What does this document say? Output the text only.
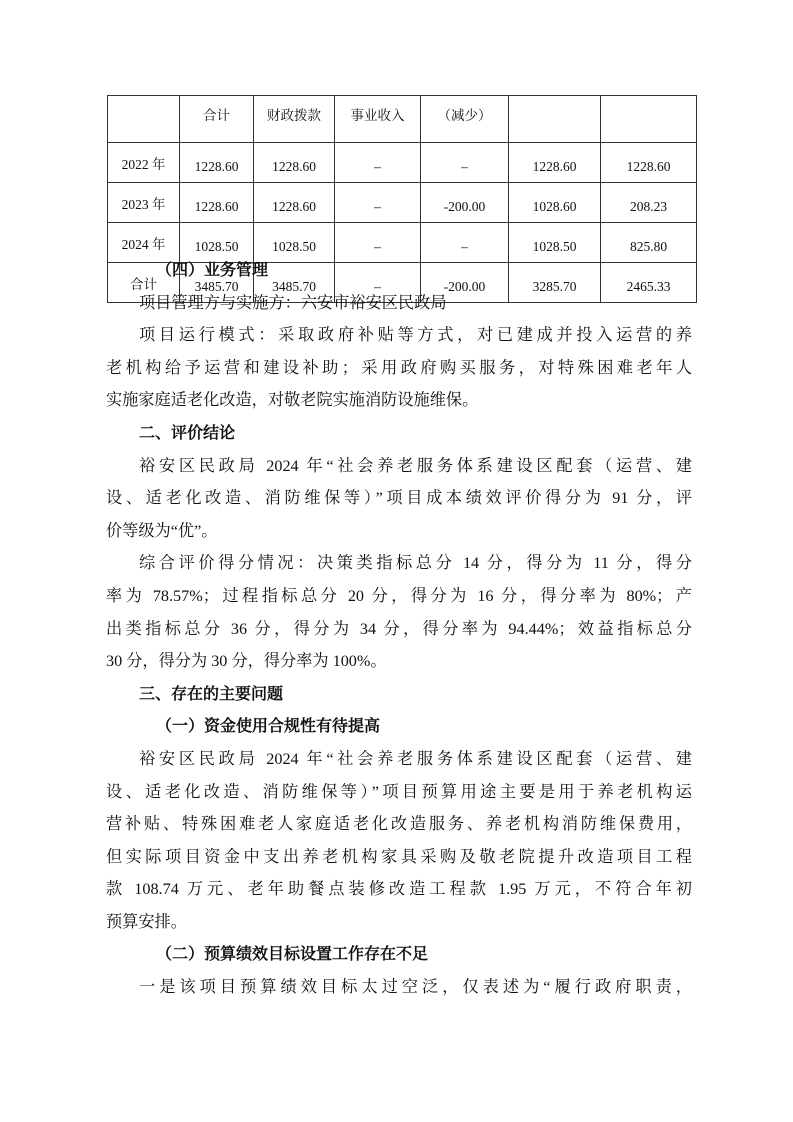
	合计	财政拨款	事业收入	（减少）		
2022 年	1228.60	1228.60	–	–	1228.60	1228.60
2023 年	1228.60	1228.60	–	-200.00	1028.60	208.23
2024 年	1028.50	1028.50	–	–	1028.50	825.80
合计	3485.70	3485.70	–	-200.00	3285.70	2465.33
（四）业务管理
项目管理方与实施方：六安市裕安区民政局
项目运行模式：采取政府补贴等方式，对已建成并投入运营的养
老机构给予运营和建设补助；采用政府购买服务，对特殊困难老年人
实施家庭适老化改造，对敬老院实施消防设施维保。
二、评价结论
裕安区民政局 2024 年“社会养老服务体系建设区配套（运营、建
设、适老化改造、消防维保等）”项目成本绩效评价得分为 91 分，评
价等级为“优”。
综合评价得分情况：决策类指标总分 14 分，得分为 11 分，得分
率为 78.57%；过程指标总分 20 分，得分为 16 分，得分率为 80%；产
出类指标总分 36 分，得分为 34 分，得分率为 94.44%；效益指标总分
30 分，得分为 30 分，得分率为 100%。
三、存在的主要问题
（一）资金使用合规性有待提高
裕安区民政局 2024 年“社会养老服务体系建设区配套（运营、建
设、适老化改造、消防维保等）”项目预算用途主要是用于养老机构运
营补贴、特殊困难老人家庭适老化改造服务、养老机构消防维保费用，
但实际项目资金中支出养老机构家具采购及敬老院提升改造项目工程
款 108.74 万元、老年助餐点装修改造工程款 1.95 万元，不符合年初
预算安排。
（二）预算绩效目标设置工作存在不足
一是该项目预算绩效目标太过空泛，仅表述为“履行政府职责，
